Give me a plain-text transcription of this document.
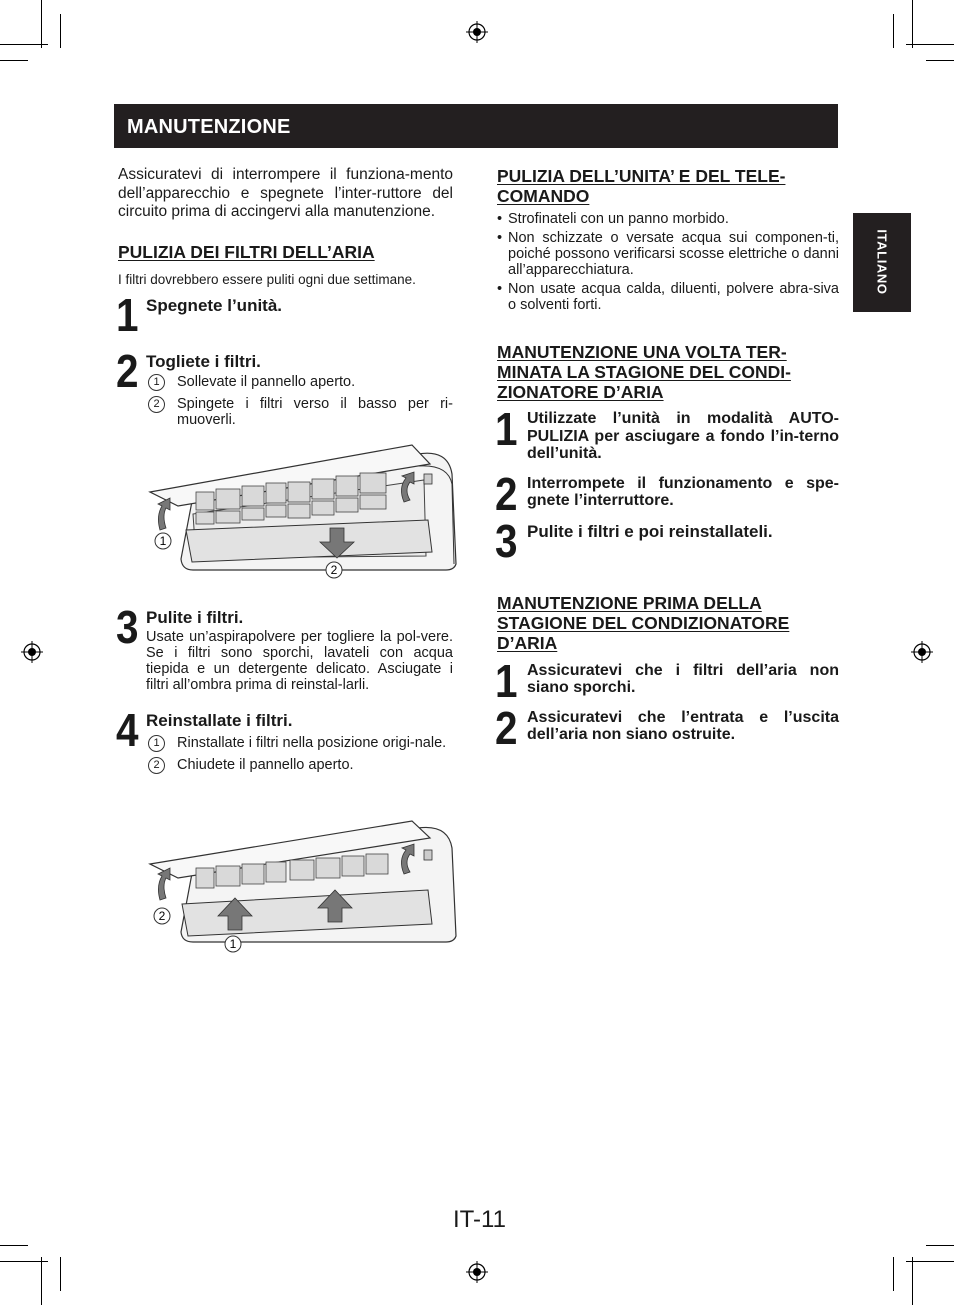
MANUTENZIONE
ITALIANO

Assicuratevi di interrompere il funziona-mento dell’apparecchio e spegnete l’inter-ruttore del circuito prima di accingervi alla manutenzione.

PULIZIA DEI FILTRI DELL’ARIA

I filtri dovrebbero essere puliti ogni due settimane.

1 Spegnete l’unità.

2 Togliete i filtri.

1	Sollevate il pannello aperto.
2	Spingete i filtri verso il basso per ri-muoverli.
1
2
3 Pulite i filtri.

Usate un’aspirapolvere per togliere la pol-vere. Se i filtri sono sporchi, lavateli con acqua tiepida e un detergente delicato. Asciugate i filtri all’ombra prima di reinstal-larli.

4 Reinstallate i filtri.

1	Rinstallate i filtri nella posizione origi-nale.
2	Chiudete il pannello aperto.
2
1

PULIZIA DELL’UNITA’ E DEL TELE-COMANDO

• Strofinateli con un panno morbido.
• Non schizzate o versate acqua sui componen-ti, poiché possono verificarsi scosse elettriche o danni all’apparecchiatura.
• Non usate acqua calda, diluenti, polvere abra-siva o solventi forti.

MANUTENZIONE UNA VOLTA TER-MINATA LA STAGIONE DEL CONDI-ZIONATORE D’ARIA

1 Utilizzate l’unità in modalità AUTO-PULIZIA per asciugare a fondo l’in-terno dell’unità.

2 Interrompete il funzionamento e spe-gnete l’interruttore.

3 Pulite i filtri e poi reinstallateli.

MANUTENZIONE PRIMA DELLA STAGIONE DEL CONDIZIONATORE D’ARIA

1 Assicuratevi che i filtri dell’aria non siano sporchi.

2 Assicuratevi che l’entrata e l’uscita dell’aria non siano ostruite.

IT-11
